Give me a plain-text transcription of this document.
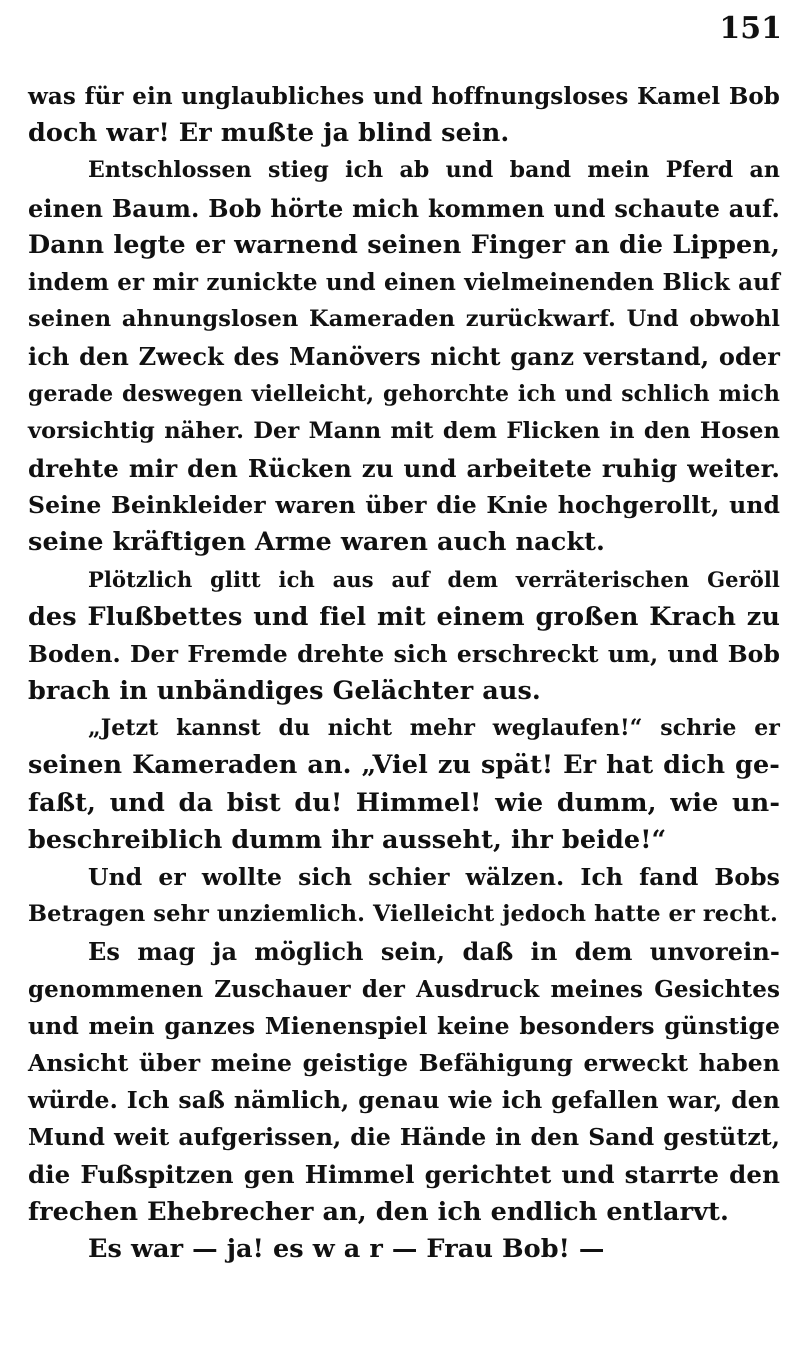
151
was für ein unglaubliches und hoffnungsloses Kamel Bob
doch war! Er mußte ja blind sein.
Entschlossen stieg ich ab und band mein Pferd an
einen Baum. Bob hörte mich kommen und schaute auf.
Dann legte er warnend seinen Finger an die Lippen,
indem er mir zunickte und einen vielmeinenden Blick auf
seinen ahnungslosen Kameraden zurückwarf. Und obwohl
ich den Zweck des Manövers nicht ganz verstand, oder
gerade deswegen vielleicht, gehorchte ich und schlich mich
vorsichtig näher. Der Mann mit dem Flicken in den Hosen
drehte mir den Rücken zu und arbeitete ruhig weiter.
Seine Beinkleider waren über die Knie hochgerollt, und
seine kräftigen Arme waren auch nackt.
Plötzlich glitt ich aus auf dem verräterischen Geröll
des Flußbettes und fiel mit einem großen Krach zu
Boden. Der Fremde drehte sich erschreckt um, und Bob
brach in unbändiges Gelächter aus.
„Jetzt kannst du nicht mehr weglaufen!“ schrie er
seinen Kameraden an. „Viel zu spät! Er hat dich ge-
faßt, und da bist du! Himmel! wie dumm, wie un-
beschreiblich dumm ihr ausseht, ihr beide!“
Und er wollte sich schier wälzen. Ich fand Bobs
Betragen sehr unziemlich. Vielleicht jedoch hatte er recht.
Es mag ja möglich sein, daß in dem unvorein-
genommenen Zuschauer der Ausdruck meines Gesichtes
und mein ganzes Mienenspiel keine besonders günstige
Ansicht über meine geistige Befähigung erweckt haben
würde. Ich saß nämlich, genau wie ich gefallen war, den
Mund weit aufgerissen, die Hände in den Sand gestützt,
die Fußspitzen gen Himmel gerichtet und starrte den
frechen Ehebrecher an, den ich endlich entlarvt.
Es war — ja! es w a r — Frau Bob! —
